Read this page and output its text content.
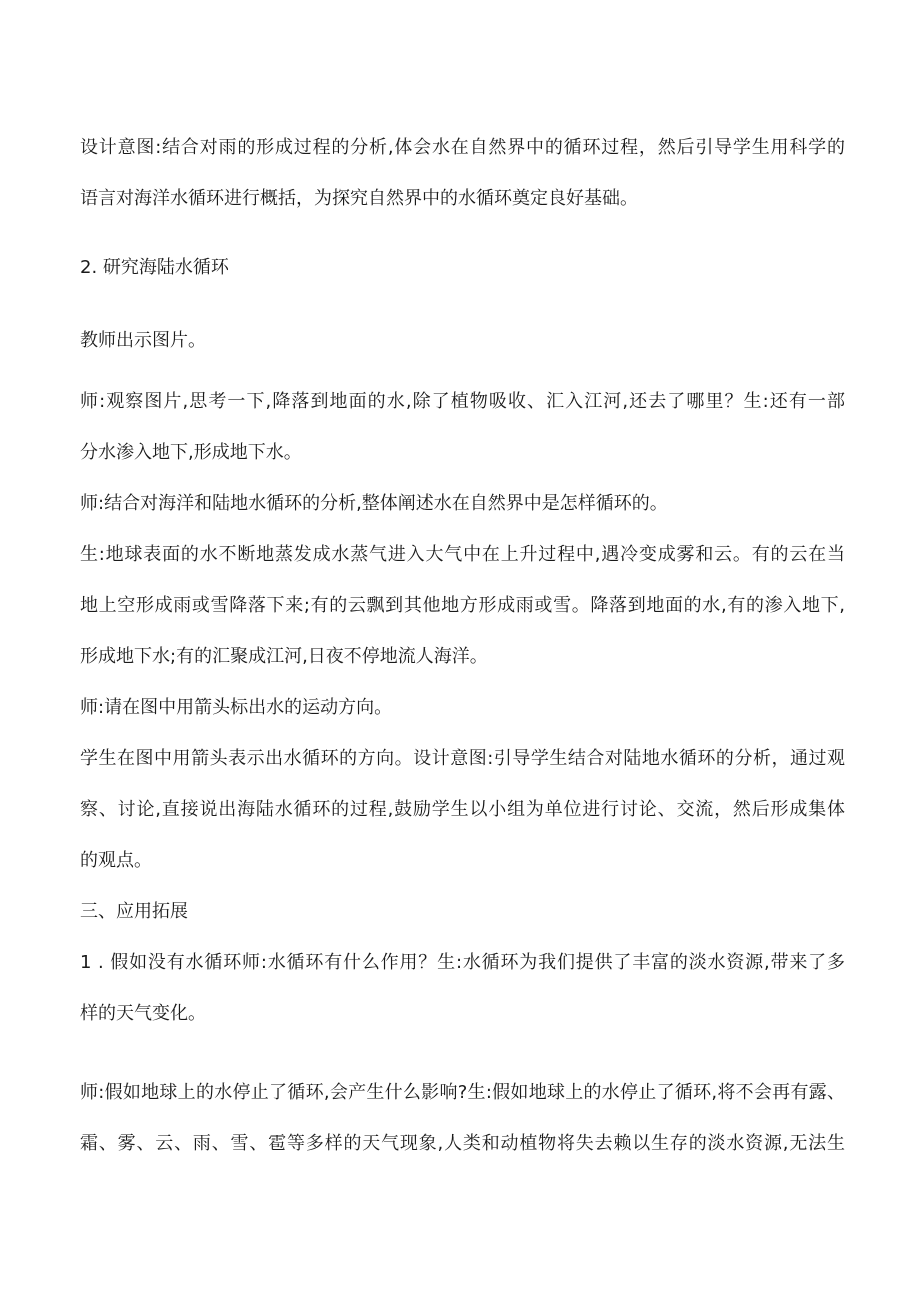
设计意图:结合对雨的形成过程的分析,体会水在自然界中的循环过程，然后引导学生用科学的
语言对海洋水循环进行概括，为探究自然界中的水循环奠定良好基础。
2. 研究海陆水循环
教师出示图片。
师:观察图片,思考一下,降落到地面的水,除了植物吸收、汇入江河,还去了哪里？生:还有一部
分水渗入地下,形成地下水。
师:结合对海洋和陆地水循环的分析,整体阐述水在自然界中是怎样循环的。
生:地球表面的水不断地蒸发成水蒸气进入大气中在上升过程中,遇冷变成雾和云。有的云在当
地上空形成雨或雪降落下来;有的云飘到其他地方形成雨或雪。降落到地面的水,有的渗入地下,
形成地下水;有的汇聚成江河,日夜不停地流人海洋。
师:请在图中用箭头标出水的运动方向。
学生在图中用箭头表示出水循环的方向。设计意图:引导学生结合对陆地水循环的分析，通过观
察、讨论,直接说出海陆水循环的过程,鼓励学生以小组为单位进行讨论、交流，然后形成集体
的观点。
三、应用拓展
1 . 假如没有水循环师:水循环有什么作用？生:水循环为我们提供了丰富的淡水资源,带来了多
样的天气变化。
师:假如地球上的水停止了循环,会产生什么影响?生:假如地球上的水停止了循环,将不会再有露、
霜、雾、云、雨、雪、雹等多样的天气现象,人类和动植物将失去赖以生存的淡水资源,无法生
